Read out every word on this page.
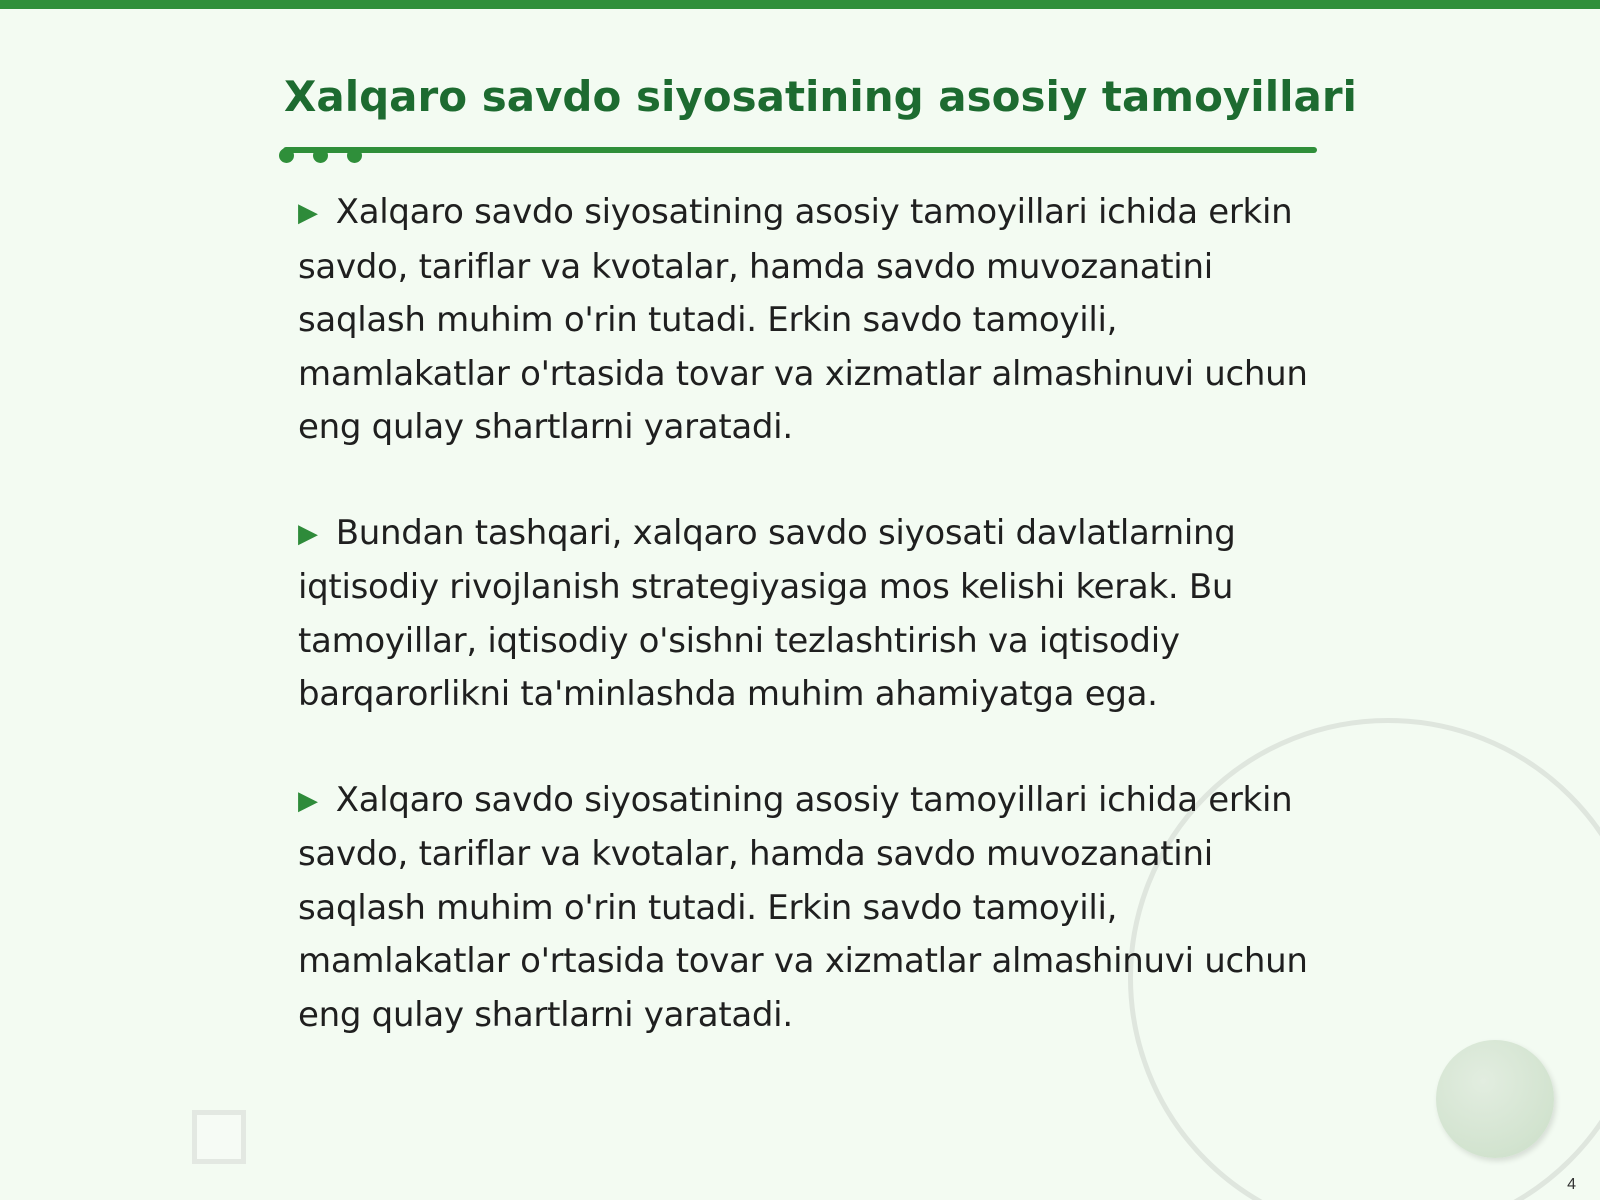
Xalqaro savdo siyosatining asosiy tamoyillari

▶ Xalqaro savdo siyosatining asosiy tamoyillari ichida erkin savdo, tariflar va kvotalar, hamda savdo muvozanatini saqlash muhim o'rin tutadi. Erkin savdo tamoyili, mamlakatlar o'rtasida tovar va xizmatlar almashinuvi uchun eng qulay shartlarni yaratadi.

▶ Bundan tashqari, xalqaro savdo siyosati davlatlarning iqtisodiy rivojlanish strategiyasiga mos kelishi kerak. Bu tamoyillar, iqtisodiy o'sishni tezlashtirish va iqtisodiy barqarorlikni ta'minlashda muhim ahamiyatga ega.

▶ Xalqaro savdo siyosatining asosiy tamoyillari ichida erkin savdo, tariflar va kvotalar, hamda savdo muvozanatini saqlash muhim o'rin tutadi. Erkin savdo tamoyili, mamlakatlar o'rtasida tovar va xizmatlar almashinuvi uchun eng qulay shartlarni yaratadi.

4
